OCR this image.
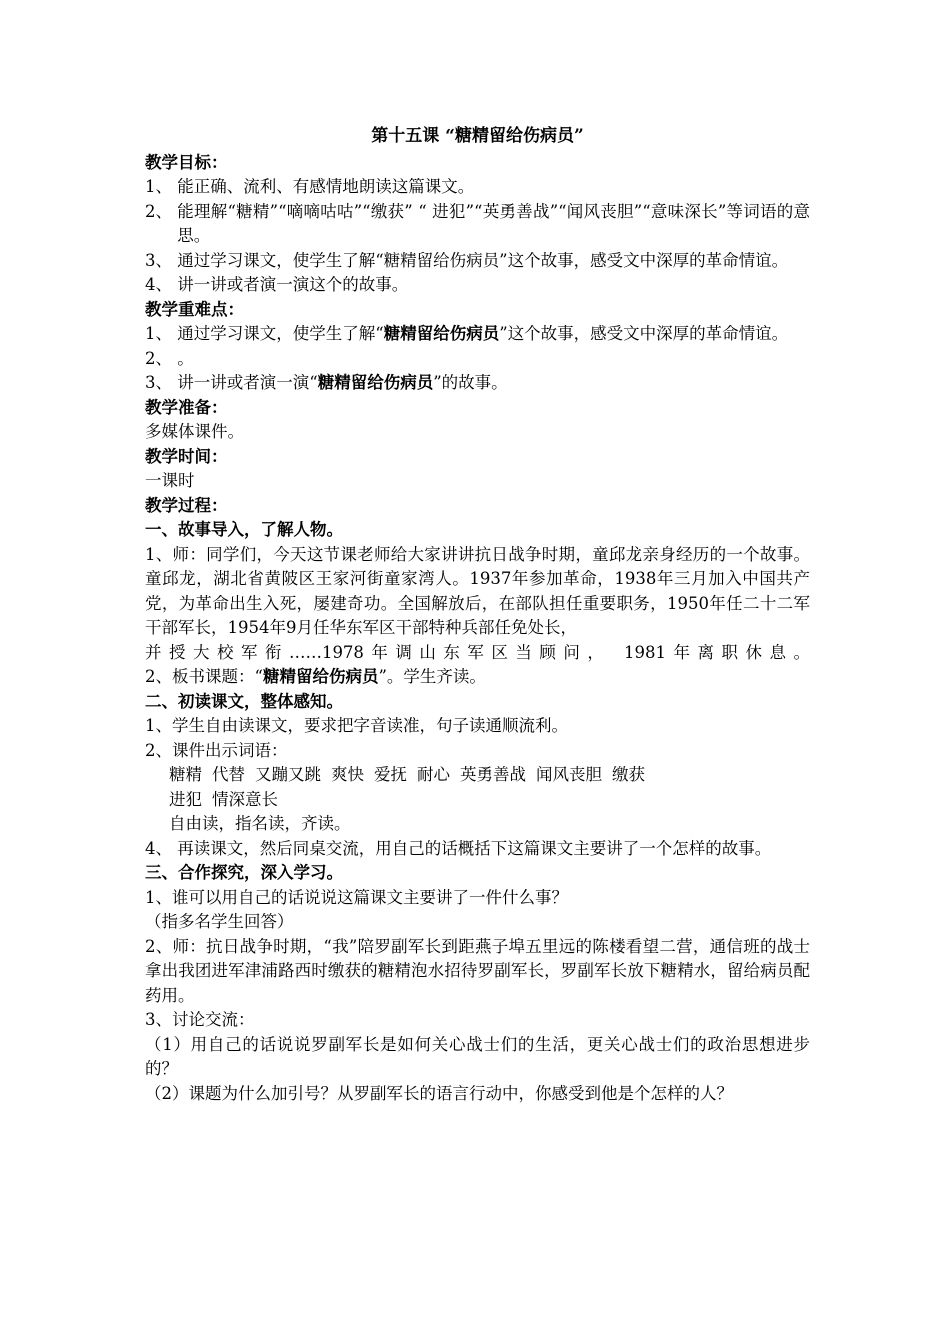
第十五课 “糖精留给伤病员”
教学目标：
1、 能正确、流利、有感情地朗读这篇课文。
2、 能理解“糖精”“嘀嘀咕咕”“缴获” “ 进犯”“英勇善战”“闻风丧胆”“意味深长”等词语的意思。
3、 通过学习课文，使学生了解“糖精留给伤病员”这个故事，感受文中深厚的革命情谊。
4、 讲一讲或者演一演这个的故事。
教学重难点：
1、 通过学习课文，使学生了解“糖精留给伤病员”这个故事，感受文中深厚的革命情谊。
2、 。
3、 讲一讲或者演一演“糖精留给伤病员”的故事。
教学准备：
多媒体课件。
教学时间：
一课时
教学过程：
一、故事导入，了解人物。
1、师：同学们，今天这节课老师给大家讲讲抗日战争时期，童邱龙亲身经历的一个故事。童邱龙，湖北省黄陂区王家河街童家湾人。1937年参加革命，1938年三月加入中国共产党，为革命出生入死，屡建奇功。全国解放后，在部队担任重要职务，1950年任二十二军干部军长，1954年9月任华东军区干部特种兵部任免处长，
并授大校军衔……1978年调山东军区当顾问， 1981年离职休息。
2、板书课题：“糖精留给伤病员”。学生齐读。
二、初读课文，整体感知。
1、学生自由读课文，要求把字音读准，句子读通顺流利。
2、课件出示词语：
糖精 代替 又蹦又跳 爽快 爱抚 耐心 英勇善战 闻风丧胆 缴获
进犯 情深意长
自由读，指名读，齐读。
4、 再读课文，然后同桌交流，用自己的话概括下这篇课文主要讲了一个怎样的故事。
三、合作探究，深入学习。
1、谁可以用自己的话说说这篇课文主要讲了一件什么事？
（指多名学生回答）
2、师：抗日战争时期，“我”陪罗副军长到距燕子埠五里远的陈楼看望二营，通信班的战士拿出我团进军津浦路西时缴获的糖精泡水招待罗副军长，罗副军长放下糖精水，留给病员配药用。
3、讨论交流：
（1）用自己的话说说罗副军长是如何关心战士们的生活，更关心战士们的政治思想进步的？
（2）课题为什么加引号？从罗副军长的语言行动中，你感受到他是个怎样的人？
